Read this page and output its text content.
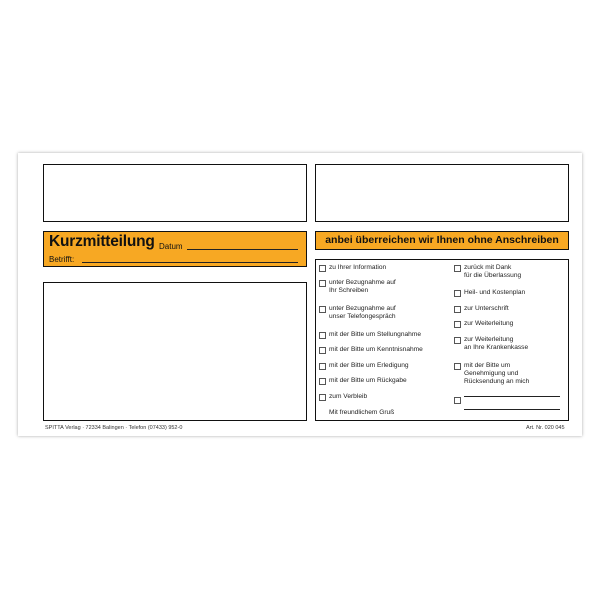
Kurzmitteilung Datum
Betrifft:
anbei überreichen wir Ihnen ohne Anschreiben
zu Ihrer Information
unter Bezugnahme auf
Ihr Schreiben
unter Bezugnahme auf
unser Telefongespräch
mit der Bitte um Stellungnahme
mit der Bitte um Kenntnisnahme
mit der Bitte um Erledigung
mit der Bitte um Rückgabe
zum Verbleib
Mit freundlichem Gruß
zurück mit Dank
für die Überlassung
Heil- und Kostenplan
zur Unterschrift
zur Weiterleitung
zur Weiterleitung
an Ihre Krankenkasse
mit der Bitte um
Genehmigung und
Rücksendung an mich
SPITTA Verlag · 72334 Balingen · Telefon (07433) 952-0	Art. Nr. 020 045
